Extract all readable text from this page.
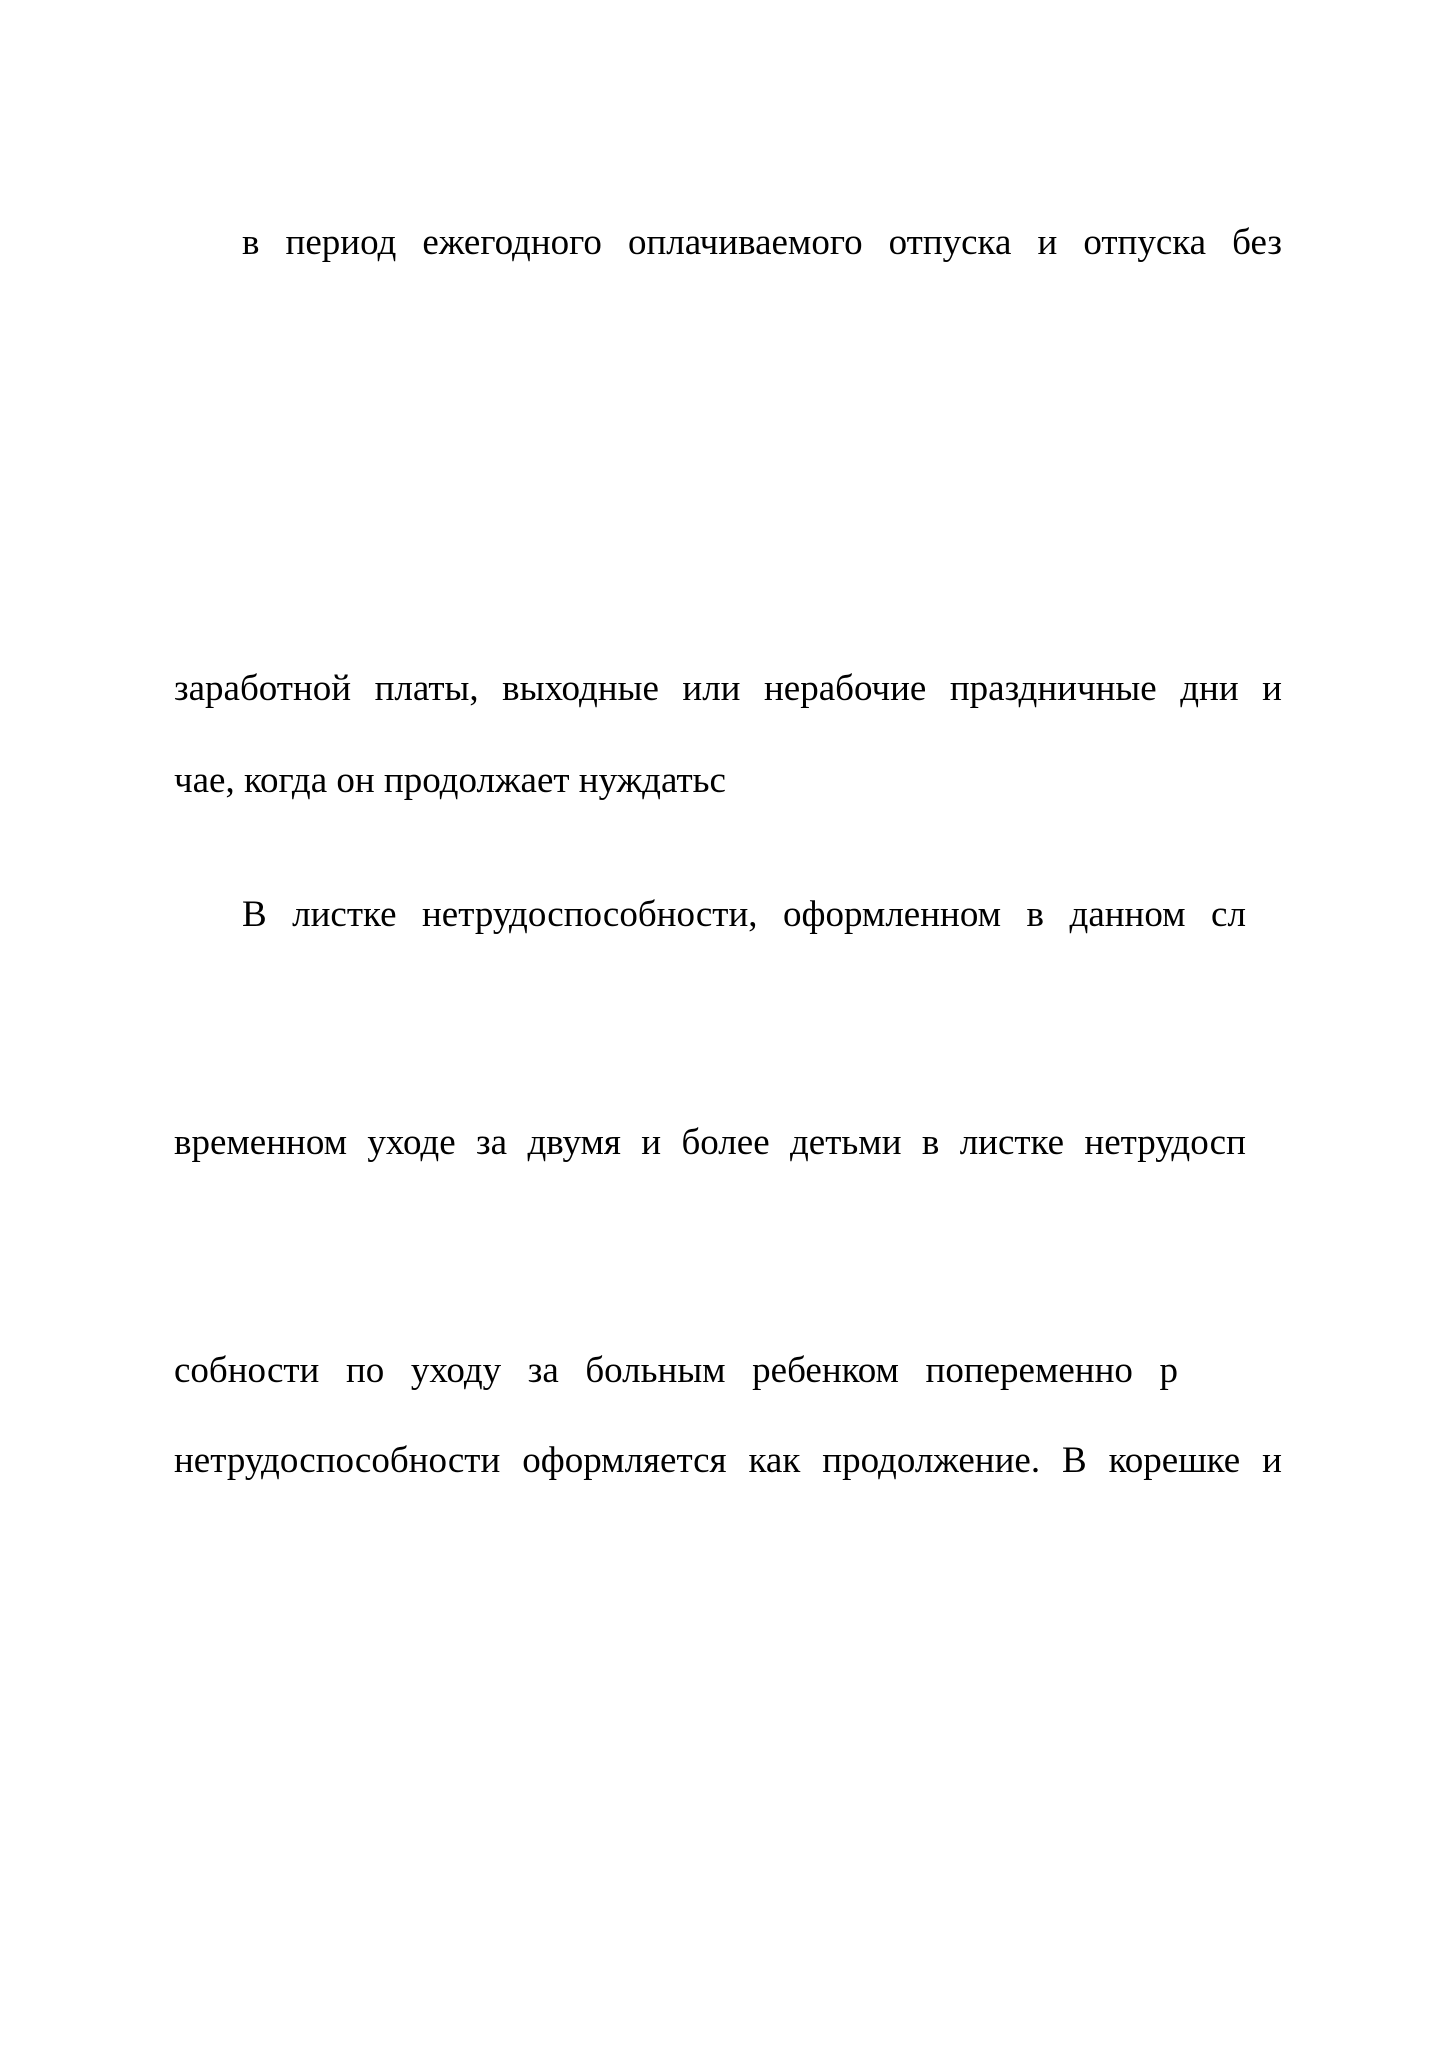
в период ежегодного оплачиваемого отпуска и отпуска без

заработной платы, выходные или нерабочие праздничные дни и

чае, когда он продолжает нуждатьс

В листке нетрудоспособности, оформленном в данном сл

временном уходе за двумя и более детьми в листке нетрудосп

собности по уходу за больным ребенком попеременно р

нетрудоспособности оформляется как продолжение. В корешке и
